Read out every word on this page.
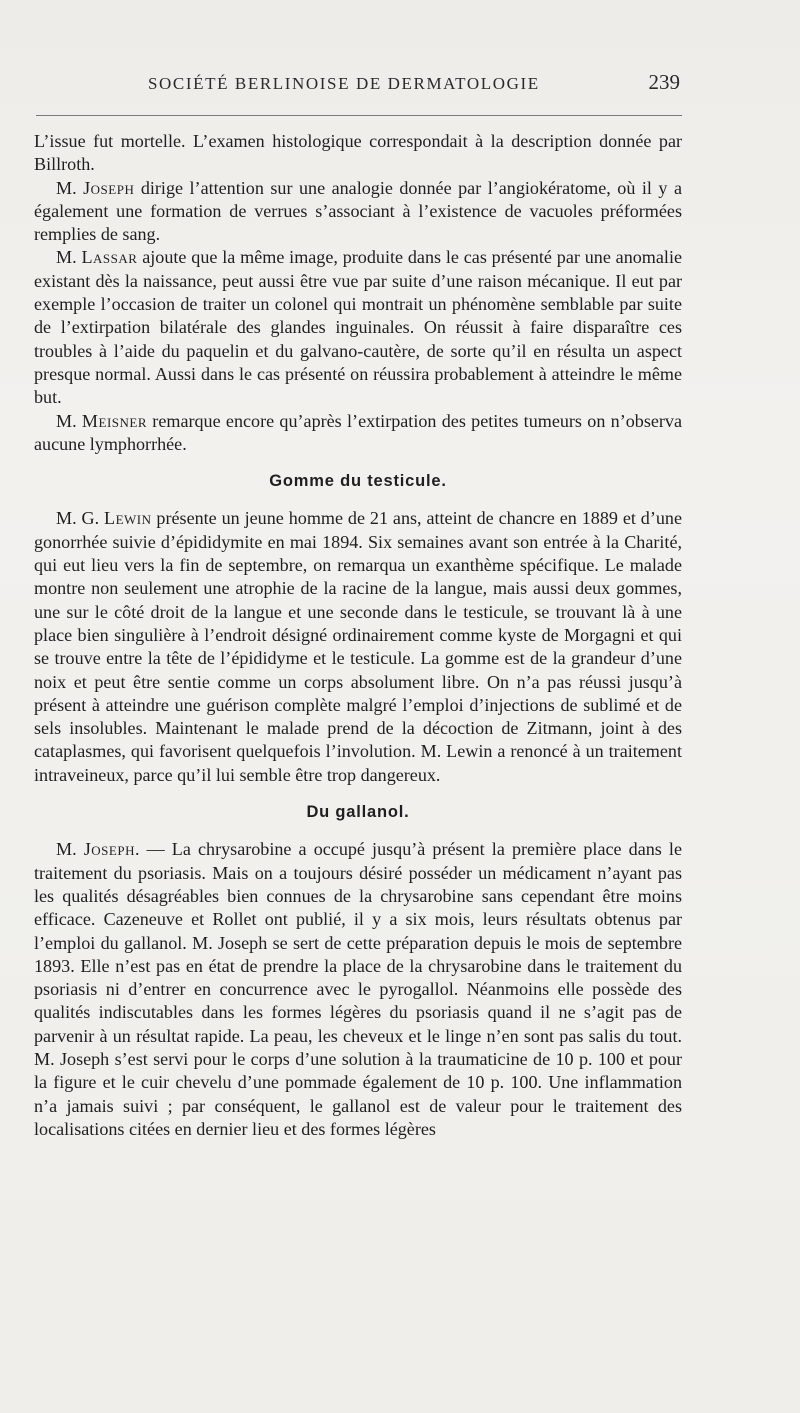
SOCIÉTÉ BERLINOISE DE DERMATOLOGIE	239

L’issue fut mortelle. L’examen histologique correspondait à la description donnée par Billroth.

M. Joseph dirige l’attention sur une analogie donnée par l’angiokératome, où il y a également une formation de verrues s’associant à l’existence de vacuoles préformées remplies de sang.

M. Lassar ajoute que la même image, produite dans le cas présenté par une anomalie existant dès la naissance, peut aussi être vue par suite d’une raison mécanique. Il eut par exemple l’occasion de traiter un colonel qui montrait un phénomène semblable par suite de l’extirpation bilatérale des glandes inguinales. On réussit à faire disparaître ces troubles à l’aide du paquelin et du galvano-cautère, de sorte qu’il en résulta un aspect presque normal. Aussi dans le cas présenté on réussira probablement à atteindre le même but.

M. Meisner remarque encore qu’après l’extirpation des petites tumeurs on n’observa aucune lymphorrhée.

Gomme du testicule.

M. G. Lewin présente un jeune homme de 21 ans, atteint de chancre en 1889 et d’une gonorrhée suivie d’épididymite en mai 1894. Six semaines avant son entrée à la Charité, qui eut lieu vers la fin de septembre, on remarqua un exanthème spécifique. Le malade montre non seulement une atrophie de la racine de la langue, mais aussi deux gommes, une sur le côté droit de la langue et une seconde dans le testicule, se trouvant là à une place bien singulière à l’endroit désigné ordinairement comme kyste de Morgagni et qui se trouve entre la tête de l’épididyme et le testicule. La gomme est de la grandeur d’une noix et peut être sentie comme un corps absolument libre. On n’a pas réussi jusqu’à présent à atteindre une guérison complète malgré l’emploi d’injections de sublimé et de sels insolubles. Maintenant le malade prend de la décoction de Zitmann, joint à des cataplasmes, qui favorisent quelquefois l’involution. M. Lewin a renoncé à un traitement intraveineux, parce qu’il lui semble être trop dangereux.

Du gallanol.

M. Joseph. — La chrysarobine a occupé jusqu’à présent la première place dans le traitement du psoriasis. Mais on a toujours désiré posséder un médicament n’ayant pas les qualités désagréables bien connues de la chrysarobine sans cependant être moins efficace. Cazeneuve et Rollet ont publié, il y a six mois, leurs résultats obtenus par l’emploi du gallanol. M. Joseph se sert de cette préparation depuis le mois de septembre 1893. Elle n’est pas en état de prendre la place de la chrysarobine dans le traitement du psoriasis ni d’entrer en concurrence avec le pyrogallol. Néanmoins elle possède des qualités indiscutables dans les formes légères du psoriasis quand il ne s’agit pas de parvenir à un résultat rapide. La peau, les cheveux et le linge n’en sont pas salis du tout. M. Joseph s’est servi pour le corps d’une solution à la traumaticine de 10 p. 100 et pour la figure et le cuir chevelu d’une pommade également de 10 p. 100. Une inflammation n’a jamais suivi ; par conséquent, le gallanol est de valeur pour le traitement des localisations citées en dernier lieu et des formes légères
